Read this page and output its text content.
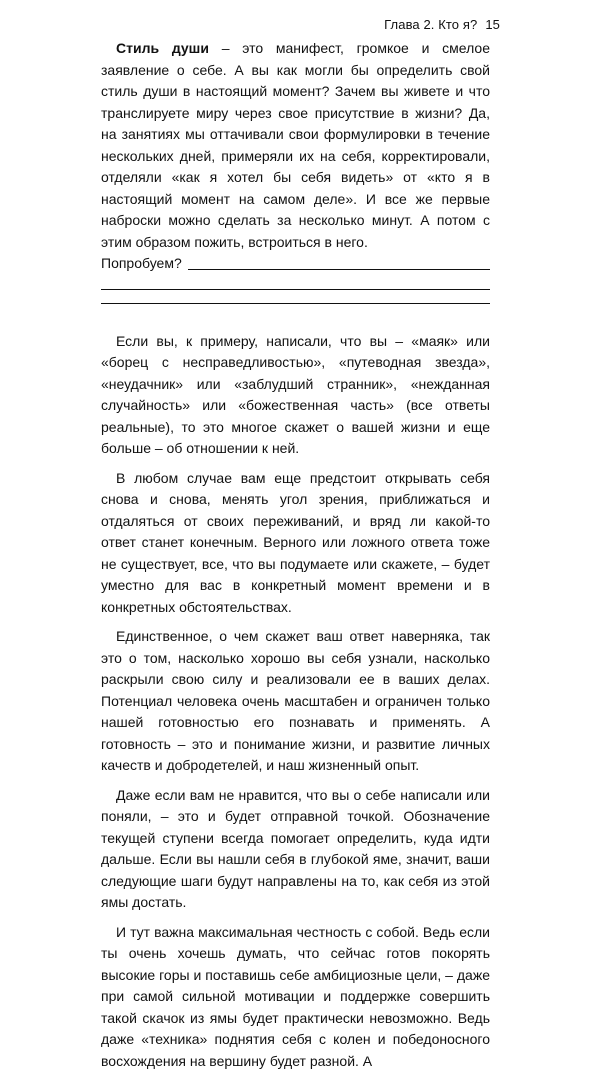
Глава 2. Кто я? 15

Стиль души – это манифест, громкое и смелое заявление о себе. А вы как могли бы определить свой стиль души в настоящий момент? Зачем вы живете и что транслируете миру через свое присутствие в жизни? Да, на занятиях мы оттачивали свои формулировки в течение нескольких дней, примеряли их на себя, корректировали, отделяли «как я хотел бы себя видеть» от «кто я в настоящий момент на самом деле». И все же первые наброски можно сделать за несколько минут. А потом с этим образом пожить, встроиться в него.

Попробуем?

Если вы, к примеру, написали, что вы – «маяк» или «борец с несправедливостью», «путеводная звезда», «неудачник» или «заблудший странник», «нежданная случайность» или «божественная часть» (все ответы реальные), то это многое скажет о вашей жизни и еще больше – об отношении к ней.

В любом случае вам еще предстоит открывать себя снова и снова, менять угол зрения, приближаться и отдаляться от своих переживаний, и вряд ли какой-то ответ станет конечным. Верного или ложного ответа тоже не существует, все, что вы подумаете или скажете, – будет уместно для вас в конкретный момент времени и в конкретных обстоятельствах.

Единственное, о чем скажет ваш ответ наверняка, так это о том, насколько хорошо вы себя узнали, насколько раскрыли свою силу и реализовали ее в ваших делах. Потенциал человека очень масштабен и ограничен только нашей готовностью его познавать и применять. А готовность – это и понимание жизни, и развитие личных качеств и добродетелей, и наш жизненный опыт.

Даже если вам не нравится, что вы о себе написали или поняли, – это и будет отправной точкой. Обозначение текущей ступени всегда помогает определить, куда идти дальше. Если вы нашли себя в глубокой яме, значит, ваши следующие шаги будут направлены на то, как себя из этой ямы достать.

И тут важна максимальная честность с собой. Ведь если ты очень хочешь думать, что сейчас готов покорять высокие горы и поставишь себе амбициозные цели, – даже при самой сильной мотивации и поддержке совершить такой скачок из ямы будет практически невозможно. Ведь даже «техника» поднятия себя с колен и победоносного восхождения на вершину будет разной. А
